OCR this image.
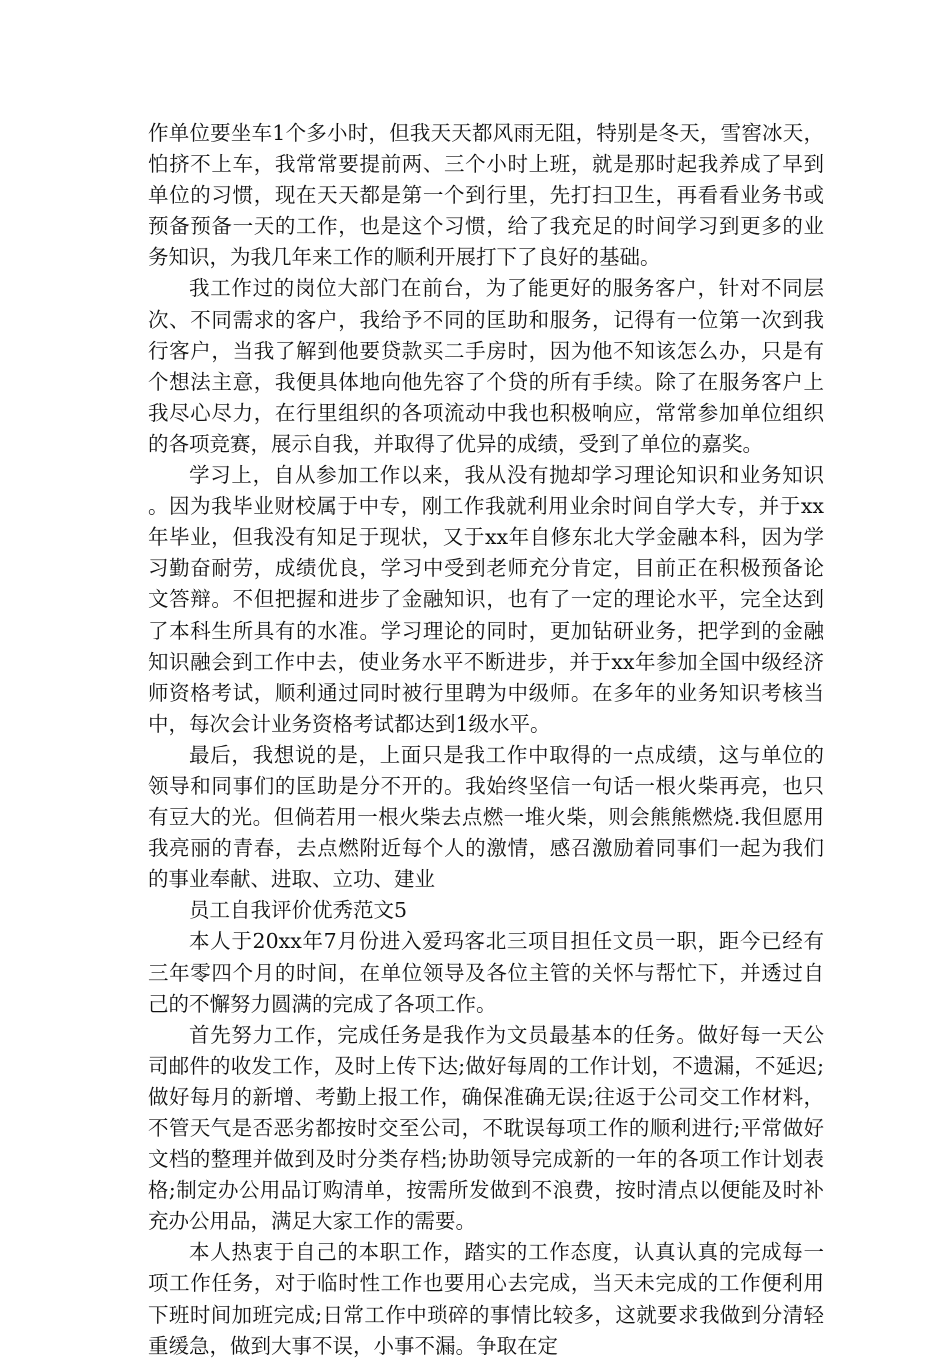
作单位要坐车1个多小时，但我天天都风雨无阻，特别是冬天，雪窖冰天，怕挤不上车，我常常要提前两、三个小时上班，就是那时起我养成了早到单位的习惯，现在天天都是第一个到行里，先打扫卫生，再看看业务书或预备预备一天的工作，也是这个习惯，给了我充足的时间学习到更多的业务知识，为我几年来工作的顺利开展打下了良好的基础。

我工作过的岗位大部门在前台，为了能更好的服务客户，针对不同层次、不同需求的客户，我给予不同的匡助和服务，记得有一位第一次到我行客户，当我了解到他要贷款买二手房时，因为他不知该怎么办，只是有个想法主意，我便具体地向他先容了个贷的所有手续。除了在服务客户上我尽心尽力，在行里组织的各项流动中我也积极响应，常常参加单位组织的各项竞赛，展示自我，并取得了优异的成绩，受到了单位的嘉奖。

学习上，自从参加工作以来，我从没有抛却学习理论知识和业务知识。因为我毕业财校属于中专，刚工作我就利用业余时间自学大专，并于xx年毕业，但我没有知足于现状，又于xx年自修东北大学金融本科，因为学习勤奋耐劳，成绩优良，学习中受到老师充分肯定，目前正在积极预备论文答辩。不但把握和进步了金融知识，也有了一定的理论水平，完全达到了本科生所具有的水准。学习理论的同时，更加钻研业务，把学到的金融知识融会到工作中去，使业务水平不断进步，并于xx年参加全国中级经济师资格考试，顺利通过同时被行里聘为中级师。在多年的业务知识考核当中，每次会计业务资格考试都达到1级水平。

最后，我想说的是，上面只是我工作中取得的一点成绩，这与单位的领导和同事们的匡助是分不开的。我始终坚信一句话一根火柴再亮，也只有豆大的光。但倘若用一根火柴去点燃一堆火柴，则会熊熊燃烧.我但愿用我亮丽的青春，去点燃附近每个人的激情，感召激励着同事们一起为我们的事业奉献、进取、立功、建业

员工自我评价优秀范文5

本人于20xx年7月份进入爱玛客北三项目担任文员一职，距今已经有三年零四个月的时间，在单位领导及各位主管的关怀与帮忙下，并透过自己的不懈努力圆满的完成了各项工作。

首先努力工作，完成任务是我作为文员最基本的任务。做好每一天公司邮件的收发工作，及时上传下达;做好每周的工作计划，不遗漏，不延迟;做好每月的新增、考勤上报工作，确保准确无误;往返于公司交工作材料，不管天气是否恶劣都按时交至公司，不耽误每项工作的顺利进行;平常做好文档的整理并做到及时分类存档;协助领导完成新的一年的各项工作计划表格;制定办公用品订购清单，按需所发做到不浪费，按时清点以便能及时补充办公用品，满足大家工作的需要。

本人热衷于自己的本职工作，踏实的工作态度，认真认真的完成每一项工作任务，对于临时性工作也要用心去完成，当天未完成的工作便利用下班时间加班完成;日常工作中琐碎的事情比较多，这就要求我做到分清轻重缓急，做到大事不误，小事不漏。争取在定
